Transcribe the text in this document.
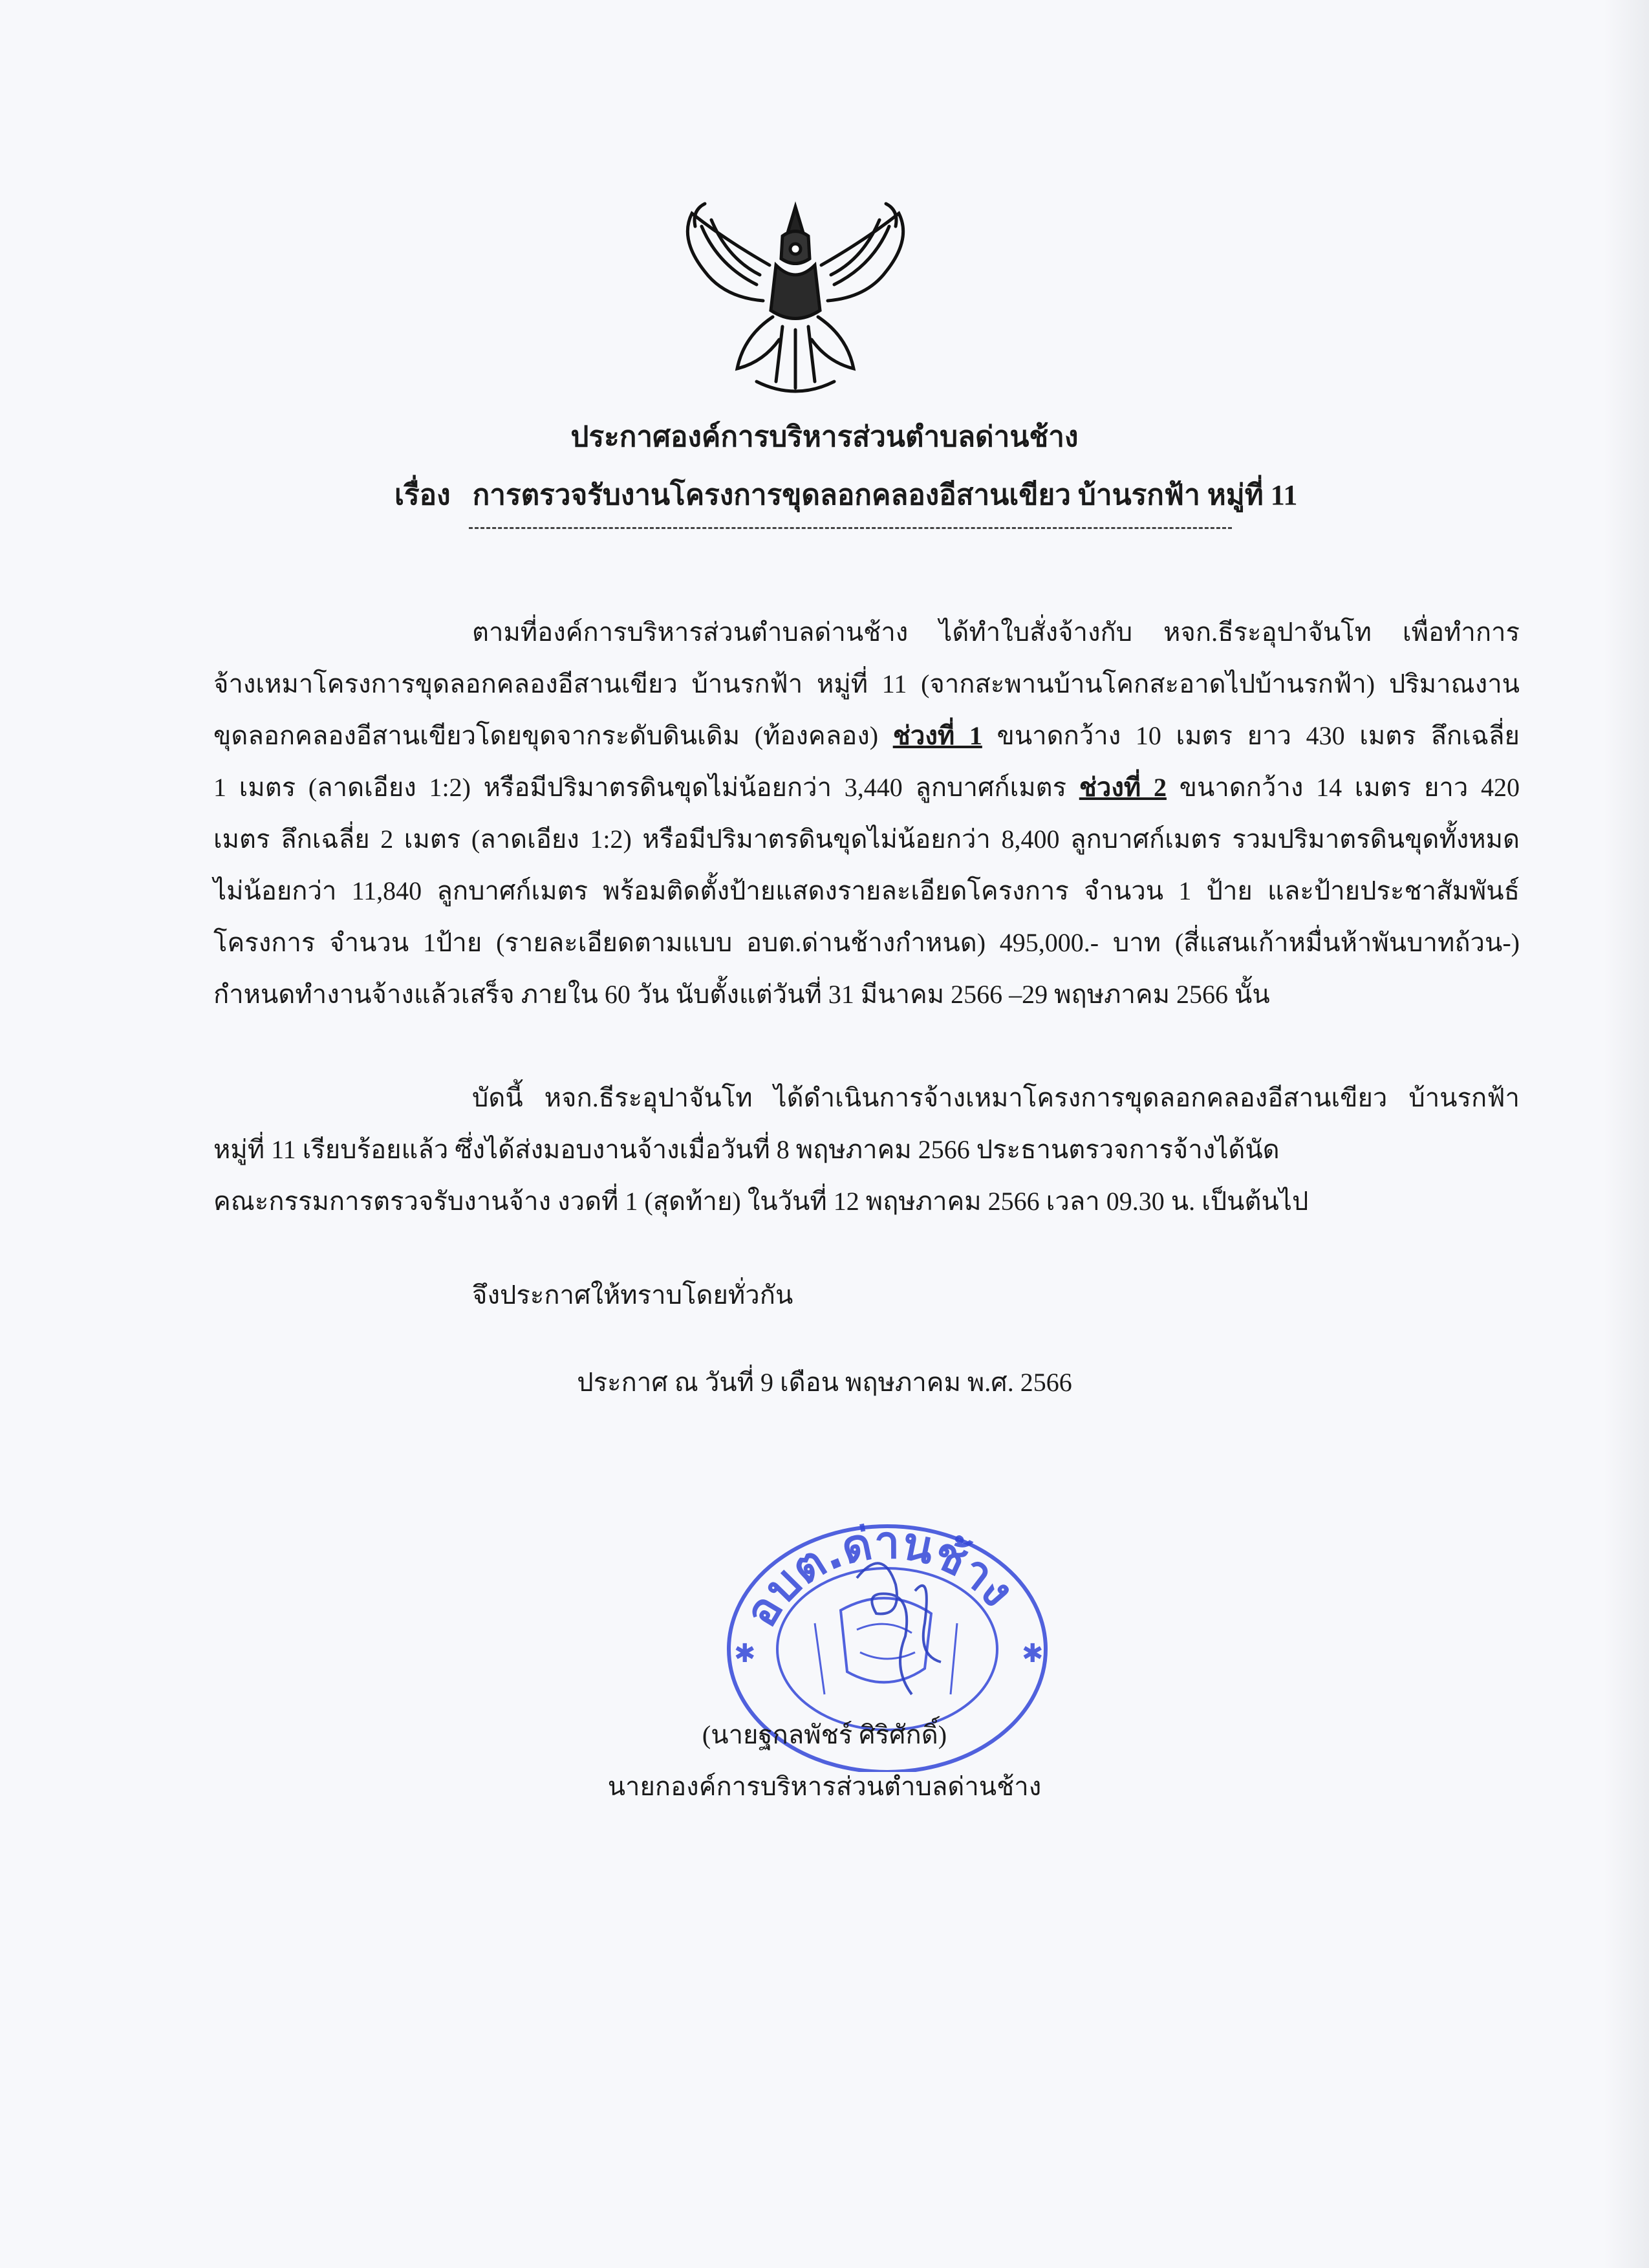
ประกาศองค์การบริหารส่วนตำบลด่านช้าง
เรื่อง การตรวจรับงานโครงการขุดลอกคลองอีสานเขียว บ้านรกฟ้า หมู่ที่ 11
ตามที่องค์การบริหารส่วนตำบลด่านช้าง ได้ทำใบสั่งจ้างกับ หจก.ธีระอุปาจันโท เพื่อทำการ
จ้างเหมาโครงการขุดลอกคลองอีสานเขียว บ้านรกฟ้า หมู่ที่ 11 (จากสะพานบ้านโคกสะอาดไปบ้านรกฟ้า) ปริมาณงาน
ขุดลอกคลองอีสานเขียวโดยขุดจากระดับดินเดิม (ท้องคลอง) ช่วงที่ 1 ขนาดกว้าง 10 เมตร ยาว 430 เมตร ลึกเฉลี่ย
1 เมตร (ลาดเอียง 1:2) หรือมีปริมาตรดินขุดไม่น้อยกว่า 3,440 ลูกบาศก์เมตร ช่วงที่ 2 ขนาดกว้าง 14 เมตร ยาว 420
เมตร ลึกเฉลี่ย 2 เมตร (ลาดเอียง 1:2) หรือมีปริมาตรดินขุดไม่น้อยกว่า 8,400 ลูกบาศก์เมตร รวมปริมาตรดินขุดทั้งหมด
ไม่น้อยกว่า 11,840 ลูกบาศก์เมตร พร้อมติดตั้งป้ายแสดงรายละเอียดโครงการ จำนวน 1 ป้าย และป้ายประชาสัมพันธ์
โครงการ จำนวน 1ป้าย (รายละเอียดตามแบบ อบต.ด่านช้างกำหนด) 495,000.- บาท (สี่แสนเก้าหมื่นห้าพันบาทถ้วน-)
กำหนดทำงานจ้างแล้วเสร็จ ภายใน 60 วัน นับตั้งแต่วันที่ 31 มีนาคม 2566 –29 พฤษภาคม 2566 นั้น
บัดนี้ หจก.ธีระอุปาจันโท ได้ดำเนินการจ้างเหมาโครงการขุดลอกคลองอีสานเขียว บ้านรกฟ้า
หมู่ที่ 11 เรียบร้อยแล้ว ซึ่งได้ส่งมอบงานจ้างเมื่อวันที่ 8 พฤษภาคม 2566 ประธานตรวจการจ้างได้นัด
คณะกรรมการตรวจรับงานจ้าง งวดที่ 1 (สุดท้าย) ในวันที่ 12 พฤษภาคม 2566 เวลา 09.30 น. เป็นต้นไป
จึงประกาศให้ทราบโดยทั่วกัน
ประกาศ ณ วันที่ 9 เดือน พฤษภาคม พ.ศ. 2566
อบต.ด่านช้าง
✱	✱
(นายฐกลพัชร์ ศิริศักดิ์)
นายกองค์การบริหารส่วนตำบลด่านช้าง
